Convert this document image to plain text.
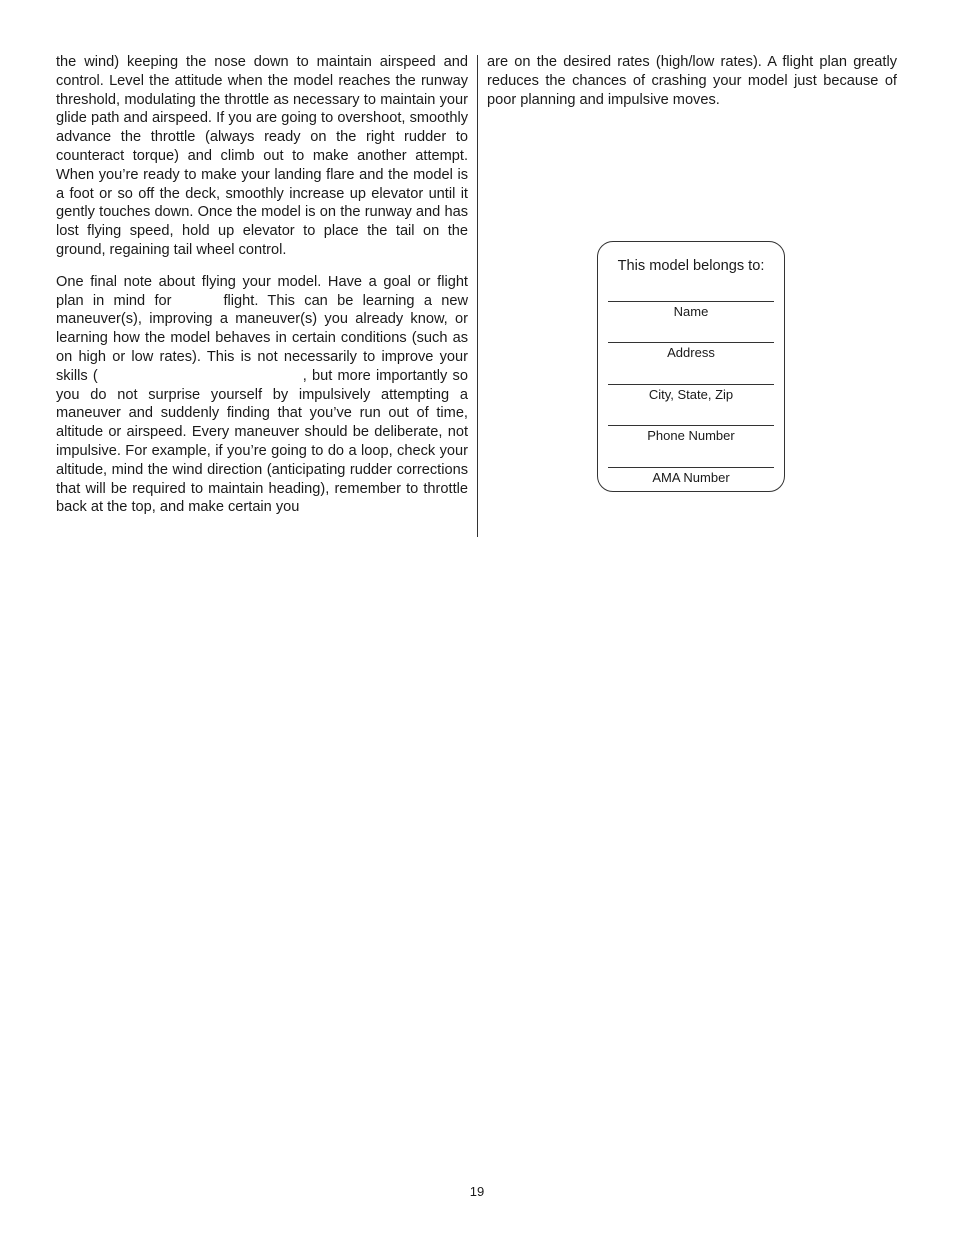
the wind) keeping the nose down to maintain airspeed and control. Level the attitude when the model reaches the runway threshold, modulating the throttle as necessary to maintain your glide path and airspeed. If you are going to overshoot, smoothly advance the throttle (always ready on the right rudder to counteract torque) and climb out to make another attempt. When you’re ready to make your landing flare and the model is a foot or so off the deck, smoothly increase up elevator until it gently touches down. Once the model is on the runway and has lost flying speed, hold up elevator to place the tail on the ground, regaining tail wheel control.

One final note about flying your model. Have a goal or flight plan in mind for	flight. This can be learning a new maneuver(s), improving a maneuver(s) you already know, or learning how the model behaves in certain conditions (such as on high or low rates). This is not necessarily to improve your skills (	, but more importantly so you do not surprise yourself by impulsively attempting a maneuver and suddenly finding that you’ve run out of time, altitude or airspeed. Every maneuver should be deliberate, not impulsive. For example, if you’re going to do a loop, check your altitude, mind the wind direction (anticipating rudder corrections that will be required to maintain heading), remember to throttle back at the top, and make certain you

are on the desired rates (high/low rates). A flight plan greatly reduces the chances of crashing your model just because of poor planning and impulsive moves.

This model belongs to:
Name
Address
City, State, Zip
Phone Number
AMA Number
19
